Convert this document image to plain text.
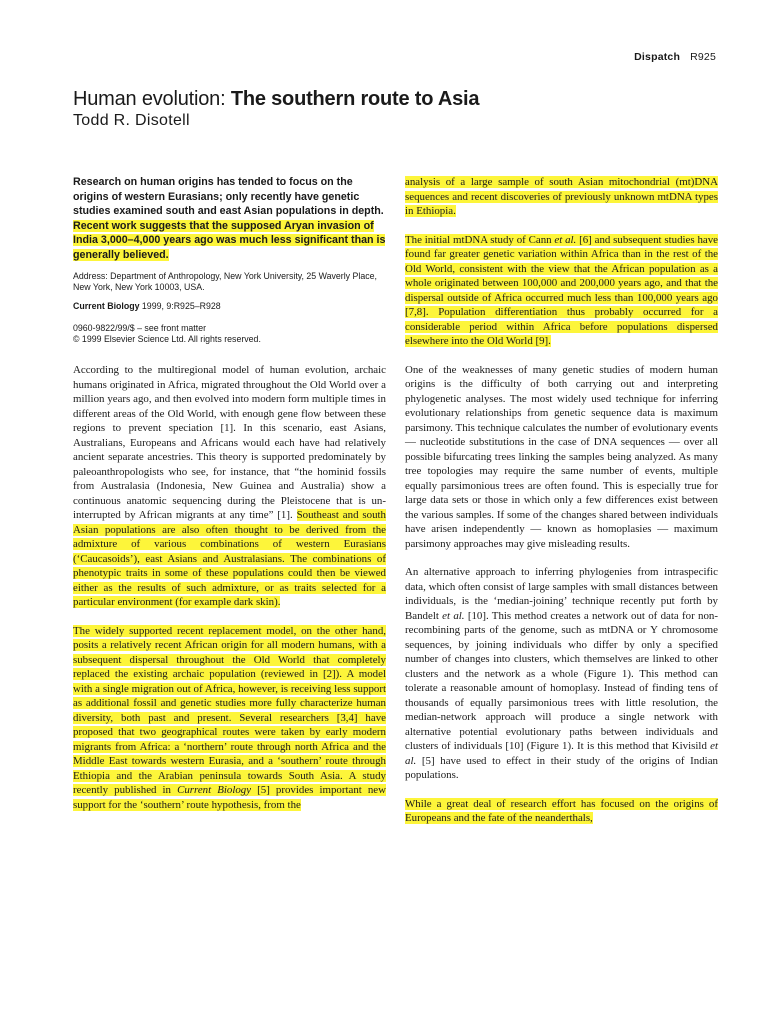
Dispatch R925
Human evolution: The southern route to Asia
Todd R. Disotell

Research on human origins has tended to focus on the origins of western Eurasians; only recently have genetic studies examined south and east Asian populations in depth. Recent work suggests that the supposed Aryan invasion of India 3,000–4,000 years ago was much less significant than is generally believed.

Address: Department of Anthropology, New York University, 25 Waverly Place, New York, New York 10003, USA.

Current Biology 1999, 9:R925–R928

0960-9822/99/$ – see front matter
© 1999 Elsevier Science Ltd. All rights reserved.

According to the multiregional model of human evolution, archaic humans originated in Africa, migrated throughout the Old World over a million years ago, and then evolved into modern form multiple times in different areas of the Old World, with enough gene flow between these regions to prevent speciation [1]. In this scenario, east Asians, Australians, Europeans and Africans would each have had relatively ancient separate ancestries. This theory is supported predominately by paleoanthropologists who see, for instance, that “the hominid fossils from Australasia (Indonesia, New Guinea and Australia) show a continuous anatomic sequencing during the Pleistocene that is un-interrupted by African migrants at any time” [1]. Southeast and south Asian populations are also often thought to be derived from the admixture of various combinations of western Eurasians (‘Caucasoids’), east Asians and Australasians. The combinations of phenotypic traits in some of these populations could then be viewed either as the results of such admixture, or as traits selected for a particular environment (for example dark skin).

The widely supported recent replacement model, on the other hand, posits a relatively recent African origin for all modern humans, with a subsequent dispersal throughout the Old World that completely replaced the existing archaic population (reviewed in [2]). A model with a single migration out of Africa, however, is receiving less support as additional fossil and genetic studies more fully characterize human diversity, both past and present. Several researchers [3,4] have proposed that two geographical routes were taken by early modern migrants from Africa: a ‘northern’ route through north Africa and the Middle East towards western Eurasia, and a ‘southern’ route through Ethiopia and the Arabian peninsula towards South Asia. A study recently published in Current Biology [5] provides important new support for the ‘southern’ route hypothesis, from the

analysis of a large sample of south Asian mitochondrial (mt)DNA sequences and recent discoveries of previously unknown mtDNA types in Ethiopia.

The initial mtDNA study of Cann et al. [6] and subsequent studies have found far greater genetic variation within Africa than in the rest of the Old World, consistent with the view that the African population as a whole originated between 100,000 and 200,000 years ago, and that the dispersal outside of Africa occurred much less than 100,000 years ago [7,8]. Population differentiation thus probably occurred for a considerable period within Africa before populations dispersed elsewhere into the Old World [9].

One of the weaknesses of many genetic studies of modern human origins is the difficulty of both carrying out and interpreting phylogenetic analyses. The most widely used technique for inferring evolutionary relationships from genetic sequence data is maximum parsimony. This technique calculates the number of evolutionary events — nucleotide substitutions in the case of DNA sequences — over all possible bifurcating trees linking the samples being analyzed. As many tree topologies may require the same number of events, multiple equally parsimonious trees are often found. This is especially true for large data sets or those in which only a few differences exist between the various samples. If some of the changes shared between individuals have arisen independently — known as homoplasies — maximum parsimony approaches may give misleading results.

An alternative approach to inferring phylogenies from intraspecific data, which often consist of large samples with small distances between individuals, is the ‘median-joining’ technique recently put forth by Bandelt et al. [10]. This method creates a network out of data for non-recombining parts of the genome, such as mtDNA or Y chromosome sequences, by joining individuals who differ by only a specified number of changes into clusters, which themselves are linked to other clusters and the network as a whole (Figure 1). This method can tolerate a reasonable amount of homoplasy. Instead of finding tens of thousands of equally parsimonious trees with little resolution, the median-network approach will produce a single network with alternative potential evolutionary paths between individuals and clusters of individuals [10] (Figure 1). It is this method that Kivisild et al. [5] have used to effect in their study of the origins of Indian populations.

While a great deal of research effort has focused on the origins of Europeans and the fate of the neanderthals,
